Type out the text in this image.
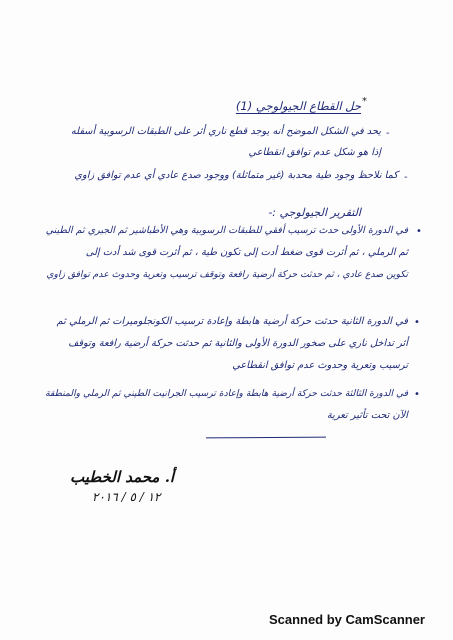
*
حل القطاع الجيولوجي (1)
-
يحد في الشكل الموضح أنه يوجد قطع ناري أثر على الطبقات الرسوبية أسفله
إذا هو شكل عدم توافق انقطاعي
-
كما نلاحظ وجود طية محدبة (غير متماثلة) ووجود صدع عادي أي عدم توافق زاوي
التقرير الجيولوجي :-
•
في الدورة الأولى حدث ترسيب أفقي للطبقات الرسوبية وهي الأطباشير ثم الجيري ثم الطيني
ثم الرملي ، ثم أثرت قوى ضغط أدت إلى تكون طية ، ثم أثرت قوى شد أدت إلى
تكوين صدع عادي ، ثم حدثت حركة أرضية رافعة وتوقف ترسيب وتعرية وحدوث عدم توافق زاوي
•
في الدورة الثانية حدثت حركة أرضية هابطة وإعادة ترسيب الكونجلوميرات ثم الرملي ثم
أثر تداخل ناري على صخور الدورة الأولى والثانية ثم حدثت حركة أرضية رافعة وتوقف
ترسيب وتعرية وحدوث عدم توافق انقطاعي
•
في الدورة الثالثة حدثت حركة أرضية هابطة وإعادة ترسيب الجرانيت الطيني ثم الرملي والمنطقة
الآن تحت تأثير تعرية
أ. محمد الخطيب
١٢ / ٥ / ٢٠١٦
Scanned by CamScanner
